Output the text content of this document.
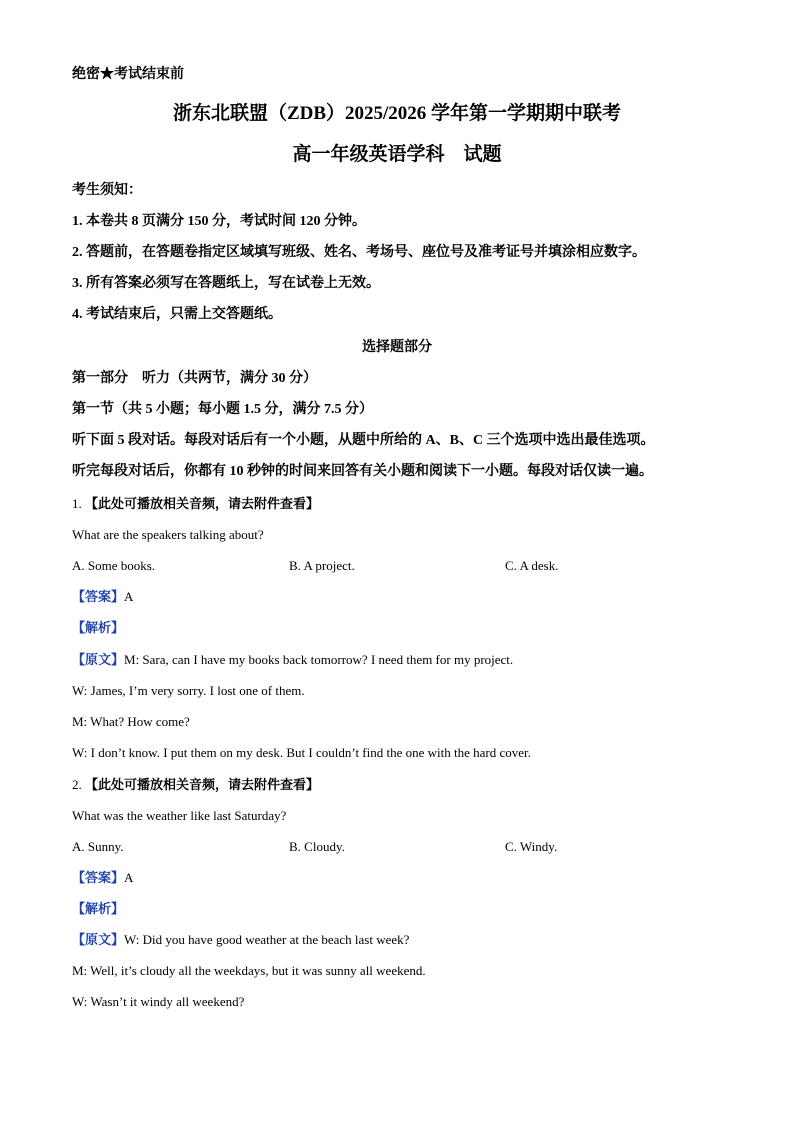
绝密★考试结束前
浙东北联盟（ZDB）2025/2026 学年第一学期期中联考
高一年级英语学科　试题
考生须知：
1. 本卷共 8 页满分 150 分，考试时间 120 分钟。
2. 答题前，在答题卷指定区域填写班级、姓名、考场号、座位号及准考证号并填涂相应数字。
3. 所有答案必须写在答题纸上，写在试卷上无效。
4. 考试结束后，只需上交答题纸。
选择题部分
第一部分　听力（共两节，满分 30 分）
第一节（共 5 小题；每小题 1.5 分，满分 7.5 分）
听下面 5 段对话。每段对话后有一个小题，从题中所给的 A、B、C 三个选项中选出最佳选项。
听完每段对话后，你都有 10 秒钟的时间来回答有关小题和阅读下一小题。每段对话仅读一遍。
1. 【此处可播放相关音频，请去附件查看】
What are the speakers talking about?
A. Some books.	B. A project.	C. A desk.
【答案】A
【解析】
【原文】M: Sara, can I have my books back tomorrow? I need them for my project.
W: James, I’m very sorry. I lost one of them.
M: What? How come?
W: I don’t know. I put them on my desk. But I couldn’t find the one with the hard cover.
2. 【此处可播放相关音频，请去附件查看】
What was the weather like last Saturday?
A. Sunny.	B. Cloudy.	C. Windy.
【答案】A
【解析】
【原文】W: Did you have good weather at the beach last week?
M: Well, it’s cloudy all the weekdays, but it was sunny all weekend.
W: Wasn’t it windy all weekend?
